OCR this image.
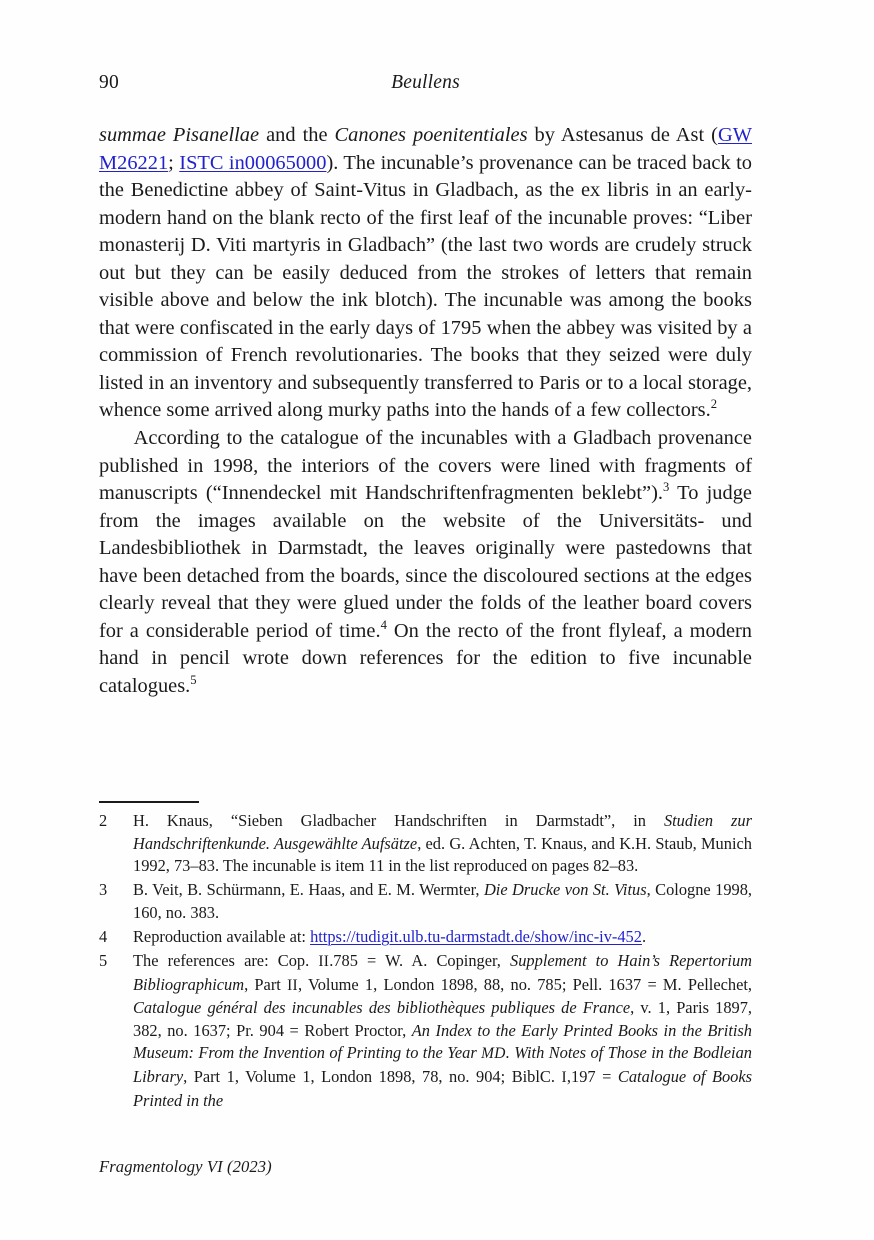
90	Beullens

summae Pisanellae and the Canones poenitentiales by Astesanus de Ast (GW M26221; ISTC in00065000). The incunable’s provenance can be traced back to the Benedictine abbey of Saint-Vitus in Gladbach, as the ex libris in an early-modern hand on the blank recto of the first leaf of the incunable proves: “Liber monasterij D. Viti martyris in Gladbach” (the last two words are crudely struck out but they can be easily deduced from the strokes of letters that remain visible above and below the ink blotch). The incunable was among the books that were confiscated in the early days of 1795 when the abbey was visited by a commission of French revolutionaries. The books that they seized were duly listed in an inventory and subsequently transferred to Paris or to a local storage, whence some arrived along murky paths into the hands of a few collectors.$^2$

According to the catalogue of the incunables with a Gladbach provenance published in 1998, the interiors of the covers were lined with fragments of manuscripts (“Innendeckel mit Handschriftenfragmenten beklebt”).$^3$ To judge from the images available on the website of the Universitäts- und Landesbibliothek in Darmstadt, the leaves originally were pastedowns that have been detached from the boards, since the discoloured sections at the edges clearly reveal that they were glued under the folds of the leather board covers for a considerable period of time.$^4$ On the recto of the front flyleaf, a modern hand in pencil wrote down references for the edition to five incunable catalogues.$^5$

2	H. Knaus, “Sieben Gladbacher Handschriften in Darmstadt”, in Studien zur Handschriftenkunde. Ausgewählte Aufsätze, ed. G. Achten, T. Knaus, and K.H. Staub, Munich 1992, 73–83. The incunable is item 11 in the list reproduced on pages 82–83.
3	B. Veit, B. Schürmann, E. Haas, and E. M. Wermter, Die Drucke von St. Vitus, Cologne 1998, 160, no. 383.
4	Reproduction available at: https://tudigit.ulb.tu-darmstadt.de/show/inc-iv-452.
5	The references are: Cop. II.785 = W. A. Copinger, Supplement to Hain’s Repertorium Bibliographicum, Part II, Volume 1, London 1898, 88, no. 785; Pell. 1637 = M. Pellechet, Catalogue général des incunables des bibliothèques publiques de France, v. 1, Paris 1897, 382, no. 1637; Pr. 904 = Robert Proctor, An Index to the Early Printed Books in the British Museum: From the Invention of Printing to the Year MD. With Notes of Those in the Bodleian Library, Part 1, Volume 1, London 1898, 78, no. 904; BiblC. I,197 = Catalogue of Books Printed in the
Fragmentology VI (2023)
